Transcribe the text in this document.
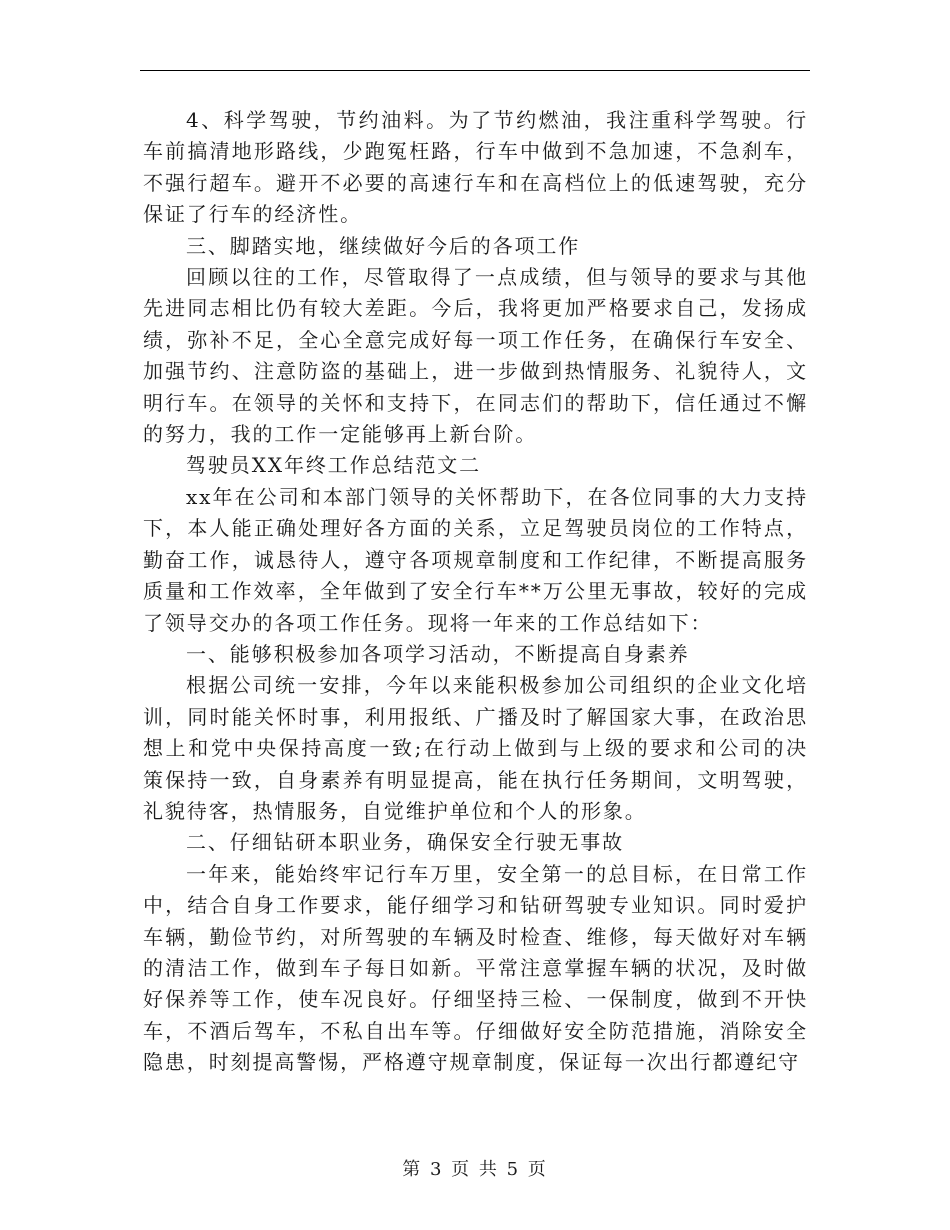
4、科学驾驶，节约油料。为了节约燃油，我注重科学驾驶。行车前搞清地形路线，少跑冤枉路，行车中做到不急加速，不急刹车，不强行超车。避开不必要的高速行车和在高档位上的低速驾驶，充分保证了行车的经济性。

三、脚踏实地，继续做好今后的各项工作

回顾以往的工作，尽管取得了一点成绩，但与领导的要求与其他先进同志相比仍有较大差距。今后，我将更加严格要求自己，发扬成绩，弥补不足，全心全意完成好每一项工作任务，在确保行车安全、加强节约、注意防盗的基础上，进一步做到热情服务、礼貌待人，文明行车。在领导的关怀和支持下，在同志们的帮助下，信任通过不懈的努力，我的工作一定能够再上新台阶。

驾驶员XX年终工作总结范文二

xx年在公司和本部门领导的关怀帮助下，在各位同事的大力支持下，本人能正确处理好各方面的关系，立足驾驶员岗位的工作特点，勤奋工作，诚恳待人，遵守各项规章制度和工作纪律，不断提高服务质量和工作效率，全年做到了安全行车**万公里无事故，较好的完成了领导交办的各项工作任务。现将一年来的工作总结如下：

一、能够积极参加各项学习活动，不断提高自身素养

根据公司统一安排，今年以来能积极参加公司组织的企业文化培训，同时能关怀时事，利用报纸、广播及时了解国家大事，在政治思想上和党中央保持高度一致;在行动上做到与上级的要求和公司的决策保持一致，自身素养有明显提高，能在执行任务期间，文明驾驶，礼貌待客，热情服务，自觉维护单位和个人的形象。

二、仔细钻研本职业务，确保安全行驶无事故

一年来，能始终牢记行车万里，安全第一的总目标，在日常工作中，结合自身工作要求，能仔细学习和钻研驾驶专业知识。同时爱护车辆，勤俭节约，对所驾驶的车辆及时检查、维修，每天做好对车辆的清洁工作，做到车子每日如新。平常注意掌握车辆的状况，及时做好保养等工作，使车况良好。仔细坚持三检、一保制度，做到不开快车，不酒后驾车，不私自出车等。仔细做好安全防范措施，消除安全隐患，时刻提高警惕，严格遵守规章制度，保证每一次出行都遵纪守

第 3 页 共 5 页
